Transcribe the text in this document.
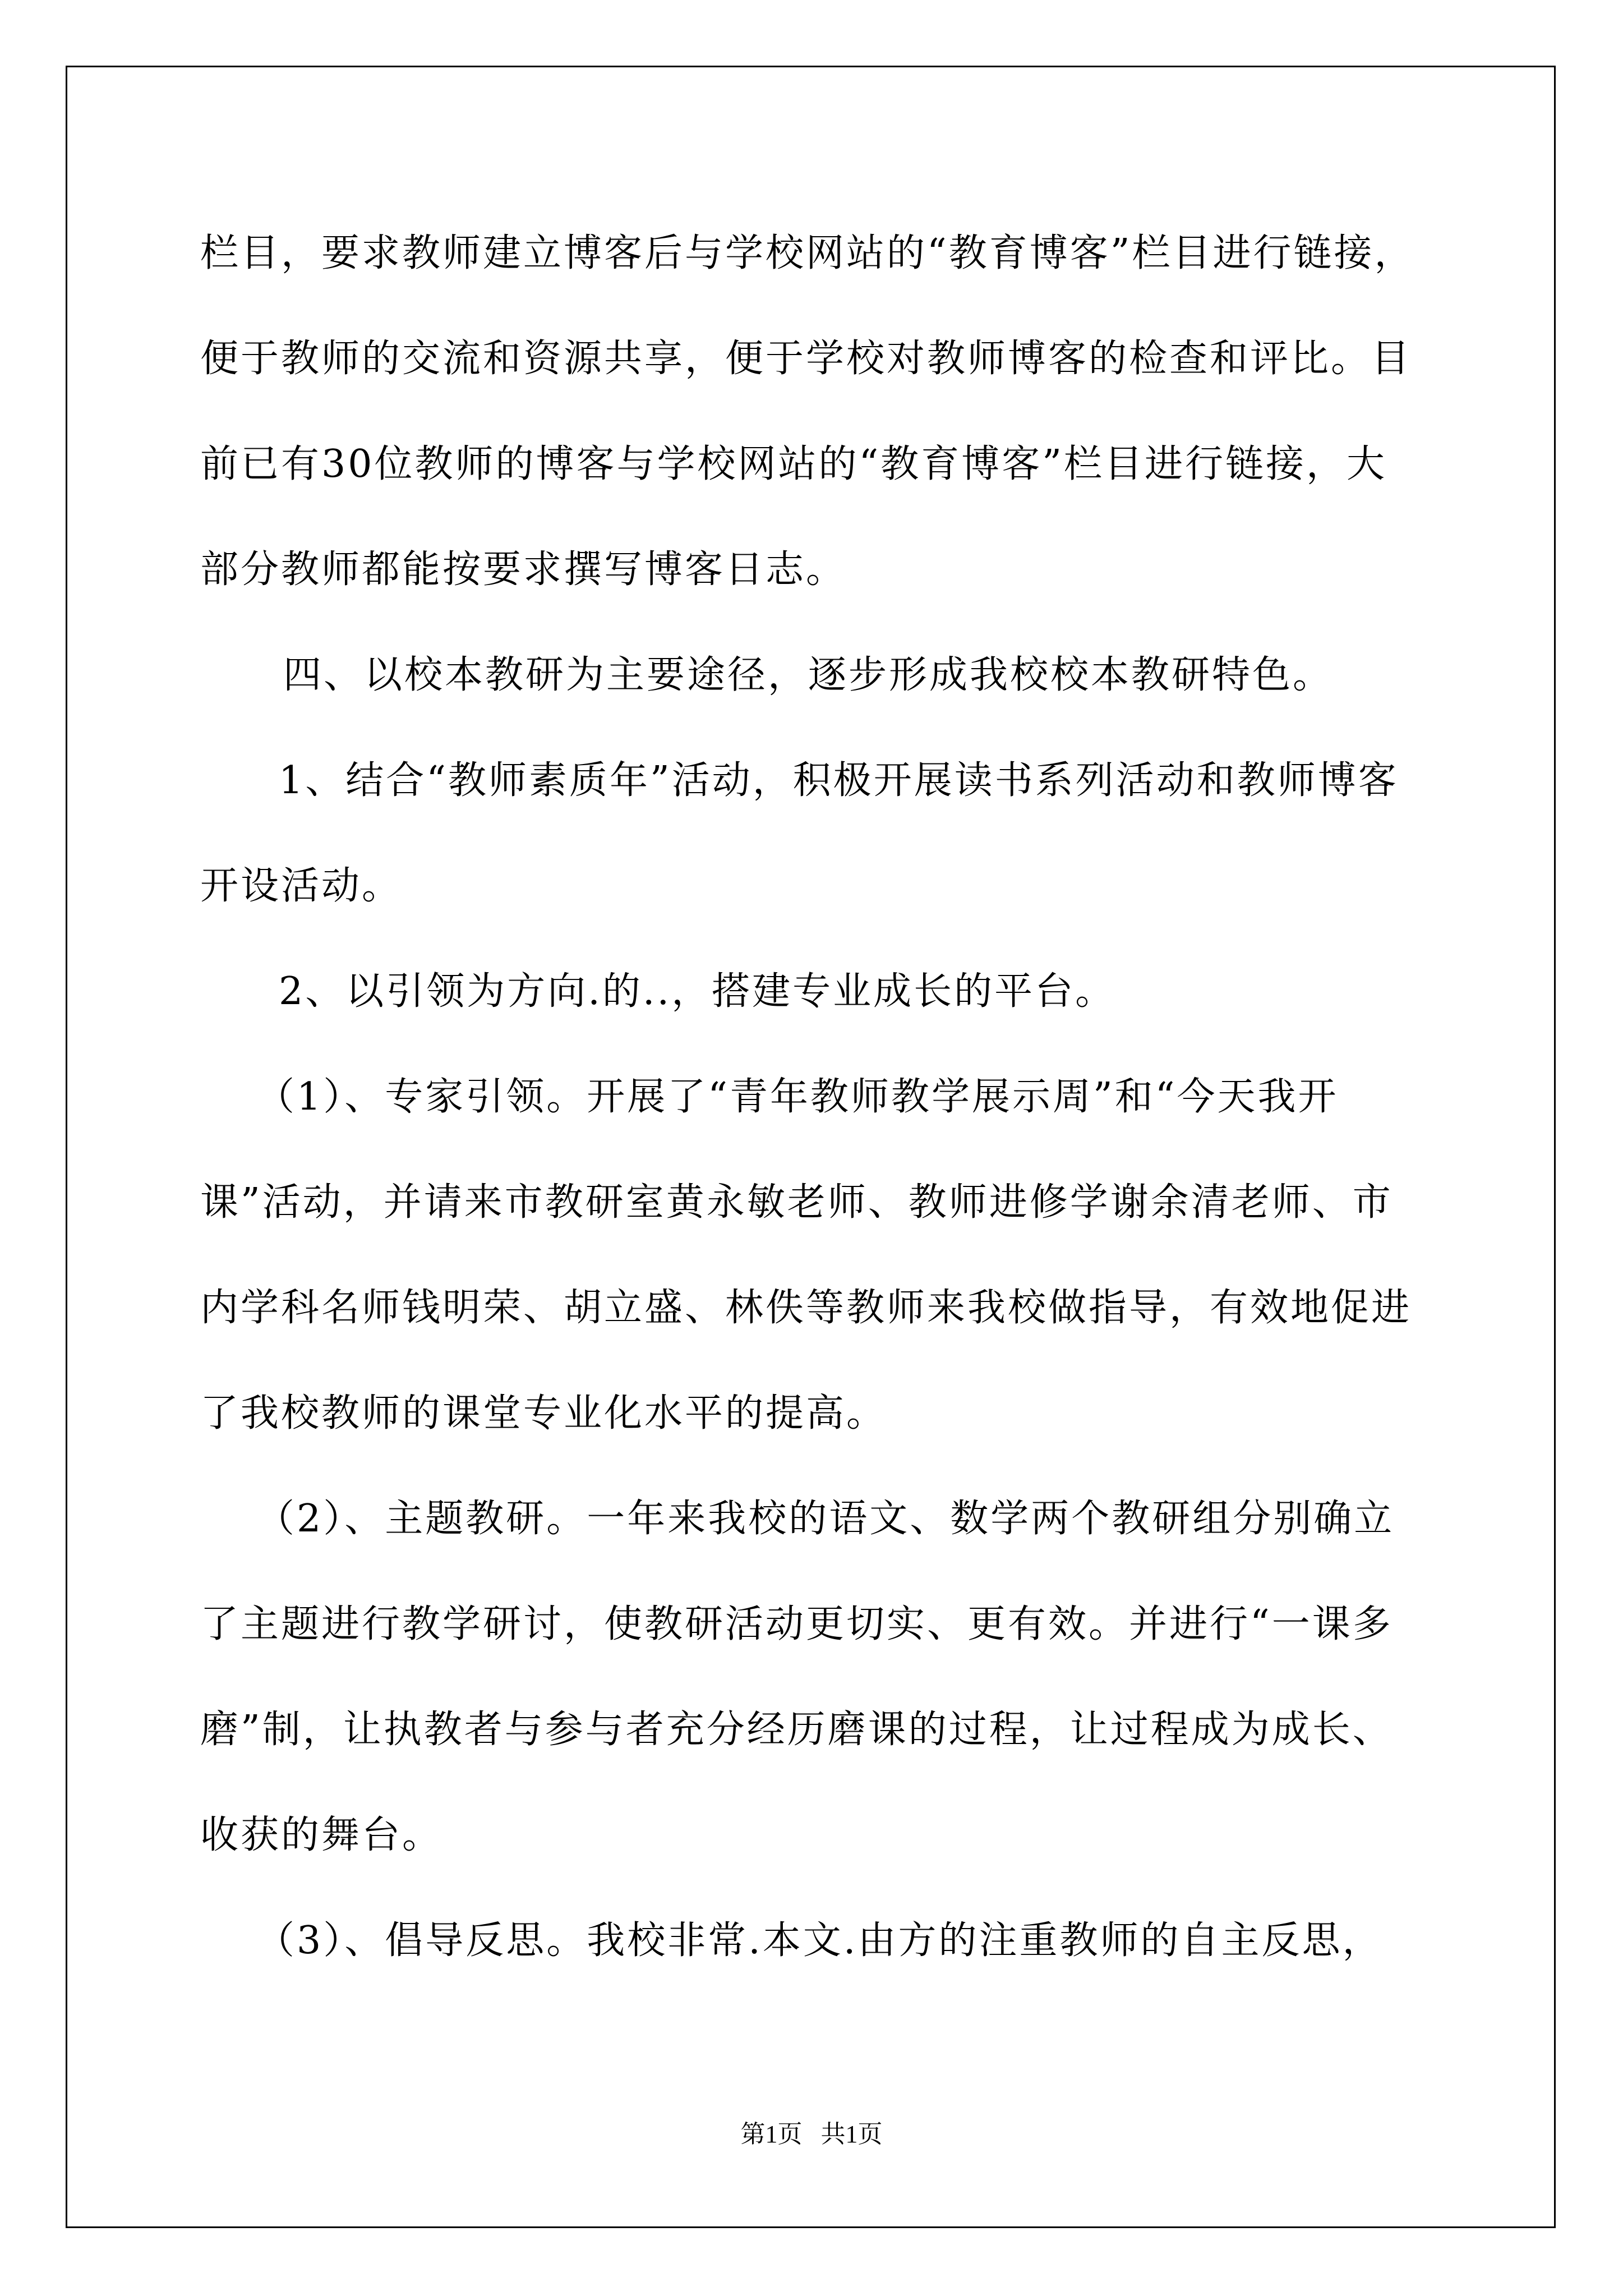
栏目，要求教师建立博客后与学校网站的“教育博客”栏目进行链接，
便于教师的交流和资源共享，便于学校对教师博客的检查和评比。目
前已有30位教师的博客与学校网站的“教育博客”栏目进行链接，大
部分教师都能按要求撰写博客日志。
四、以校本教研为主要途径，逐步形成我校校本教研特色。
1、结合“教师素质年”活动，积极开展读书系列活动和教师博客
开设活动。
2、以引领为方向.的..，搭建专业成长的平台。
（1）、专家引领。开展了“青年教师教学展示周”和“今天我开
课”活动，并请来市教研室黄永敏老师、教师进修学谢余清老师、市
内学科名师钱明荣、胡立盛、林佚等教师来我校做指导，有效地促进
了我校教师的课堂专业化水平的提高。
（2）、主题教研。一年来我校的语文、数学两个教研组分别确立
了主题进行教学研讨，使教研活动更切实、更有效。并进行“一课多
磨”制，让执教者与参与者充分经历磨课的过程，让过程成为成长、
收获的舞台。
（3）、倡导反思。我校非常.本文.由方的注重教师的自主反思，
第1页   共1页
